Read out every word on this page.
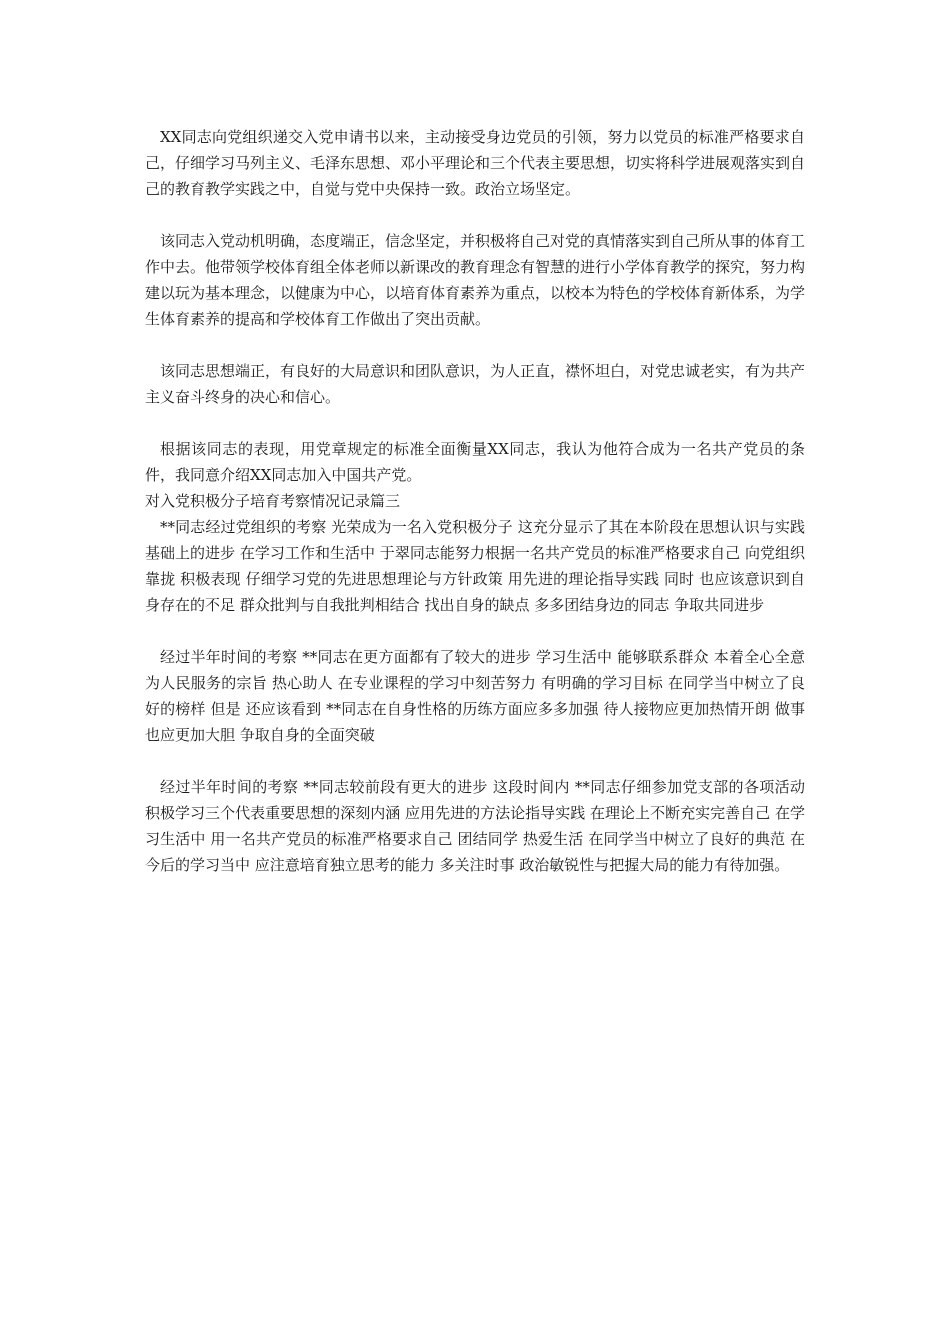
XX同志向党组织递交入党申请书以来，主动接受身边党员的引领，努力以党员的标准严格要求自己，仔细学习马列主义、毛泽东思想、邓小平理论和三个代表主要思想，切实将科学进展观落实到自己的教育教学实践之中，自觉与党中央保持一致。政治立场坚定。

该同志入党动机明确，态度端正，信念坚定，并积极将自己对党的真情落实到自己所从事的体育工作中去。他带领学校体育组全体老师以新课改的教育理念有智慧的进行小学体育教学的探究，努力构建以玩为基本理念，以健康为中心，以培育体育素养为重点，以校本为特色的学校体育新体系，为学生体育素养的提高和学校体育工作做出了突出贡献。

该同志思想端正，有良好的大局意识和团队意识，为人正直，襟怀坦白，对党忠诚老实，有为共产主义奋斗终身的决心和信心。

根据该同志的表现，用党章规定的标准全面衡量XX同志，我认为他符合成为一名共产党员的条件，我同意介绍XX同志加入中国共产党。

对入党积极分子培育考察情况记录篇三

**同志经过党组织的考察 光荣成为一名入党积极分子 这充分显示了其在本阶段在思想认识与实践基础上的进步 在学习工作和生活中 于翠同志能努力根据一名共产党员的标准严格要求自己 向党组织靠拢 积极表现 仔细学习党的先进思想理论与方针政策 用先进的理论指导实践 同时 也应该意识到自身存在的不足 群众批判与自我批判相结合 找出自身的缺点 多多团结身边的同志 争取共同进步

经过半年时间的考察 **同志在更方面都有了较大的进步 学习生活中 能够联系群众 本着全心全意为人民服务的宗旨 热心助人 在专业课程的学习中刻苦努力 有明确的学习目标 在同学当中树立了良好的榜样 但是 还应该看到 **同志在自身性格的历练方面应多多加强 待人接物应更加热情开朗 做事也应更加大胆 争取自身的全面突破

经过半年时间的考察 **同志较前段有更大的进步 这段时间内 **同志仔细参加党支部的各项活动 积极学习三个代表重要思想的深刻内涵 应用先进的方法论指导实践 在理论上不断充实完善自己 在学习生活中 用一名共产党员的标准严格要求自己 团结同学 热爱生活 在同学当中树立了良好的典范 在今后的学习当中 应注意培育独立思考的能力 多关注时事 政治敏锐性与把握大局的能力有待加强。
